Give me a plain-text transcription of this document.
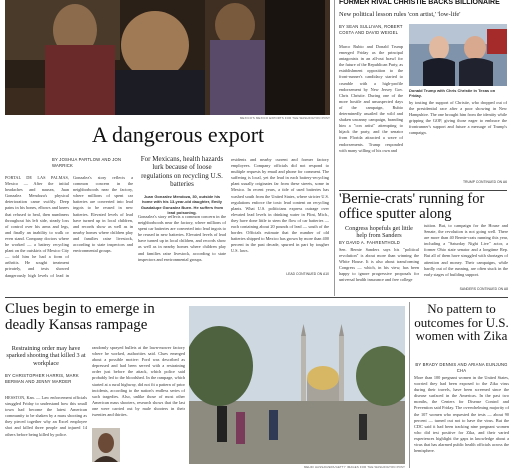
MEXICO'S MEXICO EXPORTS FOR THE WASHINGTON POST
A dangerous export
BY JOSHUA PARTLOW AND JON WARRICK
For Mexicans, health hazards lurk because of loose regulations on recycling U.S. batteries
Juan Gonzalez Mendoza, 30, outside his home with his 13-year-old daughter, Emily Guadalupe Gonzalez Buen. He suffers from lead poisoning.

PORTAL DE LAS PALMAS, Mexico — After the initial headaches and nausea, Juan Gonzalez Mendoza's physical deterioration came swiftly. Deep pains in his bones, elbows and knees that refused to heal, then numbness throughout his left side, steady loss of control over his arms and legs, and finally an inability to walk or even stand. Company doctors where he worked — a battery recycling plant on the outskirts of Mexico City — told him he had a form of arthritis. He sought treatment privately, and tests showed dangerously high levels of lead in

Gonzalez's story reflects a common concern in the neighborhoods near the factory, where millions of spent car batteries are converted into lead ingots to be reused in new batteries. Elevated levels of lead have turned up in local children, and records show as well as in nearby homes where children play and families raise livestock, according to state inspectors and environmental groups.

Gonzalez's story reflects a common concern in the neighborhoods near the factory, where millions of spent car batteries are converted into lead ingots to be reused in new batteries. Elevated levels of lead have turned up in local children, and records show as well as in nearby homes where children play and families raise livestock, according to state inspectors and environmental groups.

residents and nearby current and former factory employees. Company officials did not respond to multiple requests by email and phone for comment. The suffering is local, yet the lead in each battery-recycling plant usually originates far from these streets, some in Mexico. In recent years, a tide of used batteries has washed south from the United States, where stricter U.S. regulations enforce the toxic lead content on recycling plants. What U.S. politicians express outrage over elevated lead levels in drinking water in Flint, Mich., they have done little to stem the flow of car batteries — each containing about 20 pounds of lead — south of the border. Officials estimate that the number of old batteries shipped to Mexico has grown by more than 400 percent in the past decade, spurred in part by tougher U.S. laws.

LEAD CONTINUED ON A10
FORMER RIVAL CHRISTIE BACKS BILLIONAIRE
New political lesson rules 'con artist,' 'low-life'
BY SEAN SULLIVAN, ROBERT COSTA AND DAVID WEIGEL

Marco Rubio and Donald Trump emerged Friday as the principal antagonists in an all-out brawl for the future of the Republican Party, as establishment opposition to the front-runner's candidacy started to crumble with a high-profile endorsement by New Jersey Gov. Chris Christie. During one of the more hostile and unsuspected days of the campaign, Rubio determinedly assailed the wild and shaken uncanny campaign, branding him a "con artist" attempting to hijack the party, and the senator from Florida attracted a wave of endorsements. Trump responded with many willing of his own and

Donald Trump with Chris Christie in Texas on Friday.

by touting the support of Christie, who dropped out of the presidential race after a poor showing in New Hampshire. The one brought him from the identity while gripping the GOP, giving those eager to embrace the frontrunner's support and future a message of Trump's campaign.

TRUMP CONTINUED ON A6
'Bernie-crats' running for office sputter along
Congress hopefuls get little help from Sanders
BY DAVID A. FAHRENTHOLD

Sen. Bernie Sanders says his "political revolution" is about more than winning the White House. It is also about transforming Congress — which, in his view, has been happy to ignore progressive proposals for universal health insurance and free college

tuition. But, to campaign for the House and Senate, the revolution is not going well. There are more than 40 Bernie-crats running this year, including a "Saturday Night Live" actor, a former Ohio state senator and a longtime Rep. But all of them have struggled with shortages of attention and money. Their campaigns, while hardly out of the running, are often stuck in the early stages of building support.

SANDERS CONTINUED ON A8
Clues begin to emerge in deadly Kansas rampage
Restraining order may have sparked shooting that killed 3 at workplace
BY CHRISTOPHER HARRIS, MARK BERMAN AND JENNY MARDER

HESSTON, Kan. — Law enforcement officials struggled Friday to understand how this small town had become the latest American community to be shaken by a mass shooting as they pieced together why an Excel employee shot and killed three people and injured 14 others before being killed by police.

randomly sprayed bullets at the lawn-mower factory where he worked, authorities said. Clues emerged about a possible motive: Ford was described as depressed and had been served with a restraining order just before the attack, which police said probably led to the bloodshed. In the rampage, which started at a rural highway, did not fit a pattern of prior incidents, according to the nation's endless series of such tragedies. Also, unlike those of most other American mass shooters, research shows that the last one were carried out by male shooters in their twenties and thirties.

MEHDI HASSAN/EPA/GETTY IMAGES FOR THE WASHINGTON POST
No pattern to outcomes for U.S. women with Zika
BY BRADY DENNIS AND ARIANA EUNJUNG CHA

More than 100 pregnant women in the United States, worried they had been exposed to the Zika virus during their travels, have been screened since the disease surfaced in the Americas. In the past two months, the Centers for Disease Control and Prevention said Friday. The overwhelming majority of the 107 women who requested the tests — about 90 percent — turned out not to have the virus. But the CDC said it had been tracking nine pregnant women who did test positive for Zika, and their varied experiences highlight the gaps in knowledge about a virus that has alarmed public health officials across the hemisphere.
